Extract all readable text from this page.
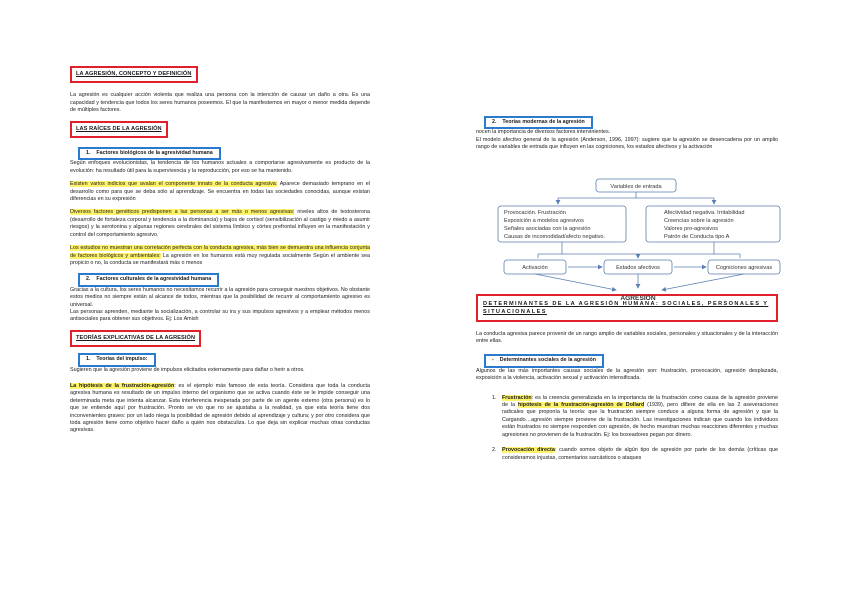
LA AGRESIÓN, CONCEPTO Y DEFINICIÓN

La agresión es cualquier acción violenta que realiza una persona con la intención de causar un daño a otra. Es una capacidad y tendencia que todos los seres humanos poseemos. El que la manifestemos en mayor o menor medida depende de múltiples factores.

LAS RAÍCES DE LA AGRESIÓN
1. Factores biológicos de la agresividad humana

Según enfoques evolucionistas, la tendencia de los humanos actuales a comportarse agresivamente es producto de la evolución: ha resultado útil para la supervivencia y la reproducción, por eso se ha mantenido.

Existen varios indicios que avalan el componente innato de la conducta agresiva: Aparece demasiado temprano en el desarrollo como para que se deba sólo al aprendizaje. Se encuentra en todas las sociedades conocidas, aunque existan diferencias en su expresión

Diversos factores genéticos predisponen a las personas a ser más o menos agresivas: niveles altos de testosterona (desarrollo de fortaleza corporal y tendencia a la dominancia) y bajos de cortisol (sensibilización al castigo y miedo a asumir riesgos) y la serotonina y algunas regiones cerebrales del sistema límbico y córtex prefrontal influyen en la manifestación y control del comportamiento agresivo.

Los estudios no muestran una correlación perfecta con la conducta agresiva, más bien se demuestra una influencia conjunta de factores biológicos y ambientales: La agresión en los humanos está muy regulada socialmente Según el ambiente sea propicio o no, la conducta se manifestará más o menos

2. Factores culturales de la agresividad humana

Gracias a la cultura, los seres humanos no necesitamos recurrir a la agresión para conseguir nuestros objetivos. No obstante estos medios no siempre están al alcance de todos, mientras que la posibilidad de recurrir al comportamiento agresivo es universal.

Las personas aprenden, mediante la socialización, a controlar su ira y sus impulsos agresivos y a emplear métodos menos antisociales para obtener sus objetivos. Ej: Los Amish

TEORÍAS EXPLICATIVAS DE LA AGRESIÓN
1. Teorías del impulso:

Sugieren que la agresión proviene de impulsos elicitados externamente para dañar o herir a otros.

La hipótesis de la frustración-agresión: es el ejemplo más famoso de esta teoría. Considera que toda la conducta agresiva humana es resultado de un impulso interno del organismo que se activa cuando éste se le impide conseguir una determinada meta que intenta alcanzar. Esta interferencia inesperada por parte de un agente externo (otra persona) es lo que se entiende aquí por frustración. Pronto se vio que no se ajustaba a la realidad, ya que esta teoría tiene dos inconvenientes graves: por un lado niega la posibilidad de agresión debido al aprendizaje y cultura; y por otro considera que toda agresión tiene como objetivo hacer daño a quién nos obstaculiza. Lo que deja sin explicar muchas otras conductas agresivas.

2. Teorías modernas de la agresión

nocen la importancia de diversos factores intervinientes.

El modelo afectivo general de la agresión (Anderson, 1996, 1997): sugiere que la agresión se desencadena por un amplio rango de variables de entrada que influyen en las cogniciones, los estados afectivos y la activación

DETERMINANTES DE LA AGRESIÓN HUMANA: SOCIALES, PERSONALES Y SITUACIONALES

La conducta agresiva parece provenir de un rango amplio de variables sociales, personales y situacionales y de la interacción entre ellas.

- Determinantes sociales de la agresión

Algunos de las más importantes causas sociales de la agresión son: frustración, provocación, agresión desplazada, exposición a la violencia, activación sexual y activación intensificada.

1. Frustración: es la creencia generalizada en la importancia de la frustración como causa de la agresión proviene de la hipótesis de la frustración-agresión de Dollard (1939), pero difiere de ella en las 2 aseveraciones radicales que proponía la teoría: que la frustración siempre conduce a alguna forma de agresión y que la Cargando…agresión siempre proviene de la frustración. Las investigaciones indican que cuando los individuos están frustrados no siempre responden con agresión, de hecho muestran muchas reacciones diferentes y muchas agresiones no provienen de la frustración. Ej: los boxeadores pegan por dinero.
2. Provocación directa: cuando somos objeto de algún tipo de agresión por parte de los demás (críticas que consideramos injustas, comentarios sarcásticos o ataques
Variables de entrada
Provocación. Frustración
Exposición a modelos agresivos
Señales asociadas con la agresión
Causas de incomodidad/afecto negativo.
Afectividad negativa. Irritabilidad
Creencias sobre la agresión
Valores pro-agresivos
Patrón de Conducta tipo A
Activación	Estados afectivos	Cogniciones agresivas
AGRESIÓN
